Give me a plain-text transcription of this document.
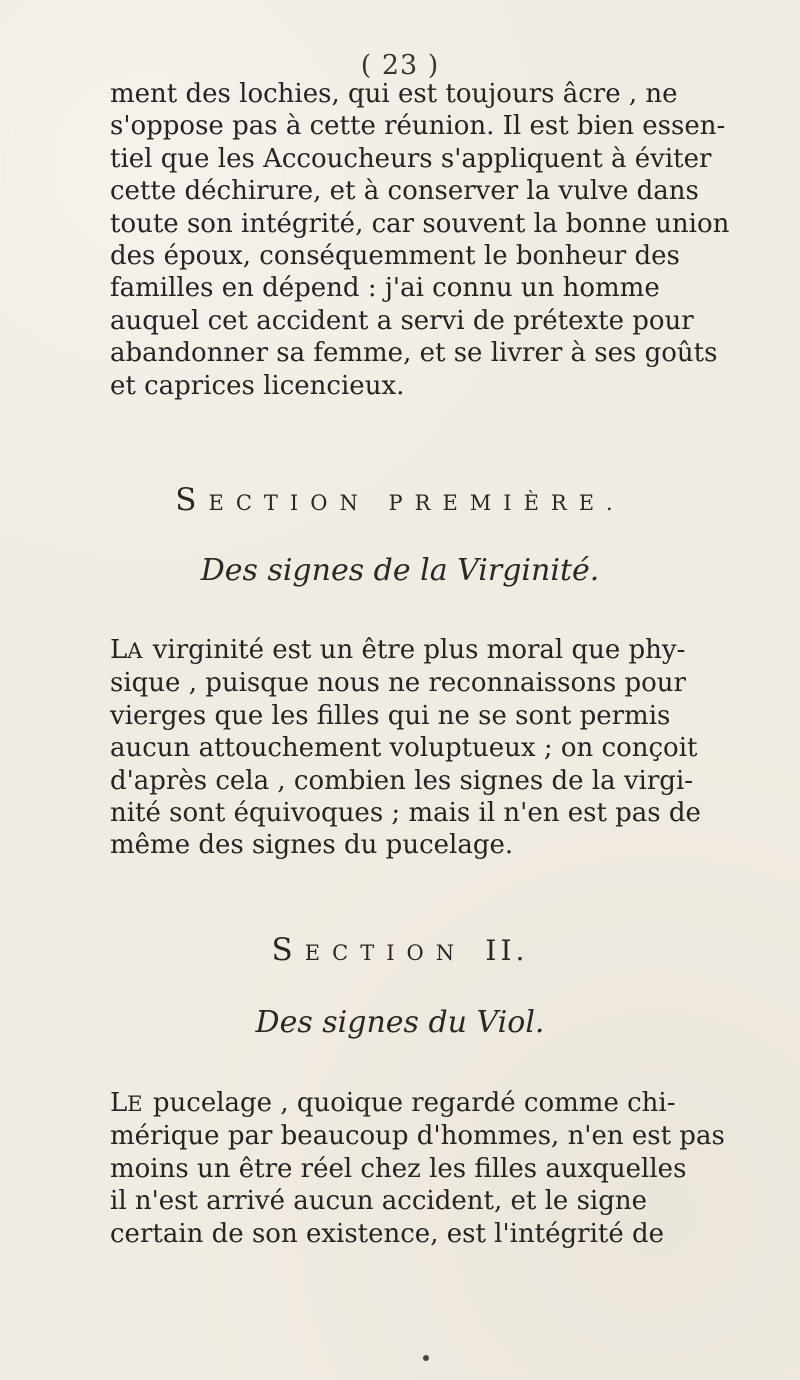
( 23 )
ment des lochies, qui est toujours âcre , ne
s'oppose pas à cette réunion. Il est bien essen-
tiel que les Accoucheurs s'appliquent à éviter
cette déchirure, et à conserver la vulve dans
toute son intégrité, car souvent la bonne union
des époux, conséquemment le bonheur des
familles en dépend : j'ai connu un homme
auquel cet accident a servi de prétexte pour
abandonner sa femme, et se livrer à ses goûts
et caprices licencieux.
SECTION PREMIÈRE.
Des signes de la Virginité.
LA virginité est un être plus moral que phy-
sique , puisque nous ne reconnaissons pour
vierges que les filles qui ne se sont permis
aucun attouchement voluptueux ; on conçoit
d'après cela , combien les signes de la virgi-
nité sont équivoques ; mais il n'en est pas de
même des signes du pucelage.
SECTION II.
Des signes du Viol.
LE pucelage , quoique regardé comme chi-
mérique par beaucoup d'hommes, n'en est pas
moins un être réel chez les filles auxquelles
il n'est arrivé aucun accident, et le signe
certain de son existence, est l'intégrité de
